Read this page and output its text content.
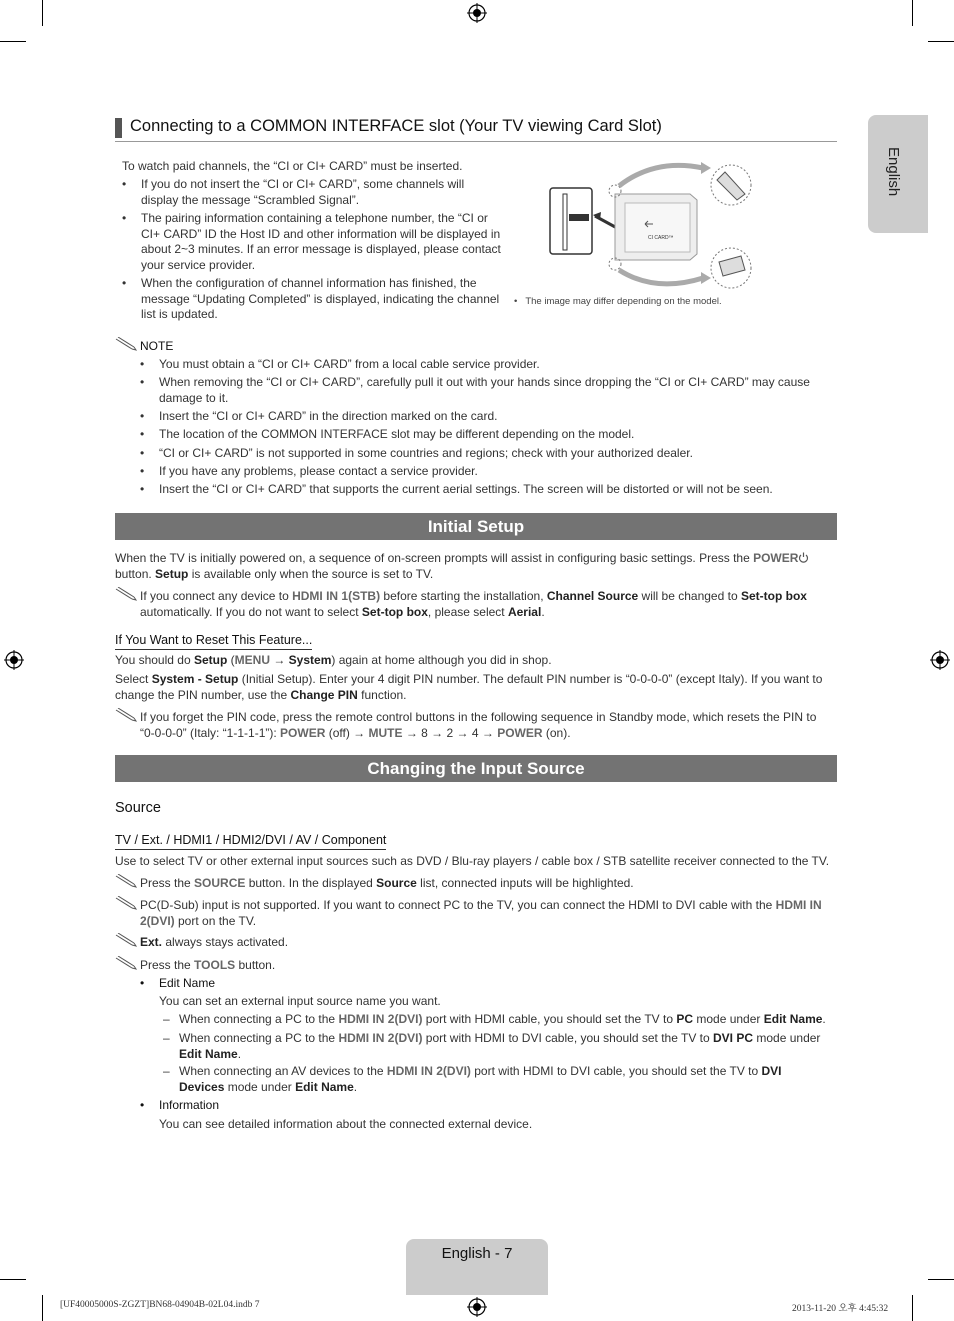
English
Connecting to a COMMON INTERFACE slot (Your TV viewing Card Slot)
To watch paid channels, the “CI or CI+ CARD” must be inserted.
• If you do not insert the “CI or CI+ CARD”, some channels will display the message “Scrambled Signal”.
• The pairing information containing a telephone number, the “CI or CI+ CARD” ID the Host ID and other information will be displayed in about 2~3 minutes. If an error message is displayed, please contact your service provider.
• When the configuration of channel information has finished, the message “Updating Completed” is displayed, indicating the channel list is updated.
CI CARD™
• The image may differ depending on the model.
NOTE
• You must obtain a “CI or CI+ CARD” from a local cable service provider.
• When removing the “CI or CI+ CARD”, carefully pull it out with your hands since dropping the “CI or CI+ CARD” may cause damage to it.
• Insert the “CI or CI+ CARD” in the direction marked on the card.
• The location of the COMMON INTERFACE slot may be different depending on the model.
• “CI or CI+ CARD” is not supported in some countries and regions; check with your authorized dealer.
• If you have any problems, please contact a service provider.
• Insert the “CI or CI+ CARD” that supports the current aerial settings. The screen will be distorted or will not be seen.
Initial Setup
When the TV is initially powered on, a sequence of on-screen prompts will assist in configuring basic settings. Press the POWER button. Setup is available only when the source is set to TV.
If you connect any device to HDMI IN 1(STB) before starting the installation, Channel Source will be changed to Set-top box automatically. If you do not want to select Set-top box, please select Aerial.
If You Want to Reset This Feature...
You should do Setup (MENU → System) again at home although you did in shop.
Select System - Setup (Initial Setup). Enter your 4 digit PIN number. The default PIN number is “0-0-0-0” (except Italy). If you want to change the PIN number, use the Change PIN function.
If you forget the PIN code, press the remote control buttons in the following sequence in Standby mode, which resets the PIN to “0-0-0-0” (Italy: “1-1-1-1”): POWER (off) → MUTE → 8 → 2 → 4 → POWER (on).
Changing the Input Source
Source
TV / Ext. / HDMI1 / HDMI2/DVI / AV / Component
Use to select TV or other external input sources such as DVD / Blu-ray players / cable box / STB satellite receiver connected to the TV.
Press the SOURCE button. In the displayed Source list, connected inputs will be highlighted.
PC(D-Sub) input is not supported. If you want to connect PC to the TV, you can connect the HDMI to DVI cable with the HDMI IN 2(DVI) port on the TV.
Ext. always stays activated.
Press the TOOLS button.
• Edit Name
You can set an external input source name you want.
– When connecting a PC to the HDMI IN 2(DVI) port with HDMI cable, you should set the TV to PC mode under Edit Name.
– When connecting a PC to the HDMI IN 2(DVI) port with HDMI to DVI cable, you should set the TV to DVI PC mode under Edit Name.
– When connecting an AV devices to the HDMI IN 2(DVI) port with HDMI to DVI cable, you should set the TV to DVI Devices mode under Edit Name.
• Information
You can see detailed information about the connected external device.
English - 7
[UF40005000S-ZGZT]BN68-04904B-02L04.indb 7	2013-11-20 오후 4:45:32
